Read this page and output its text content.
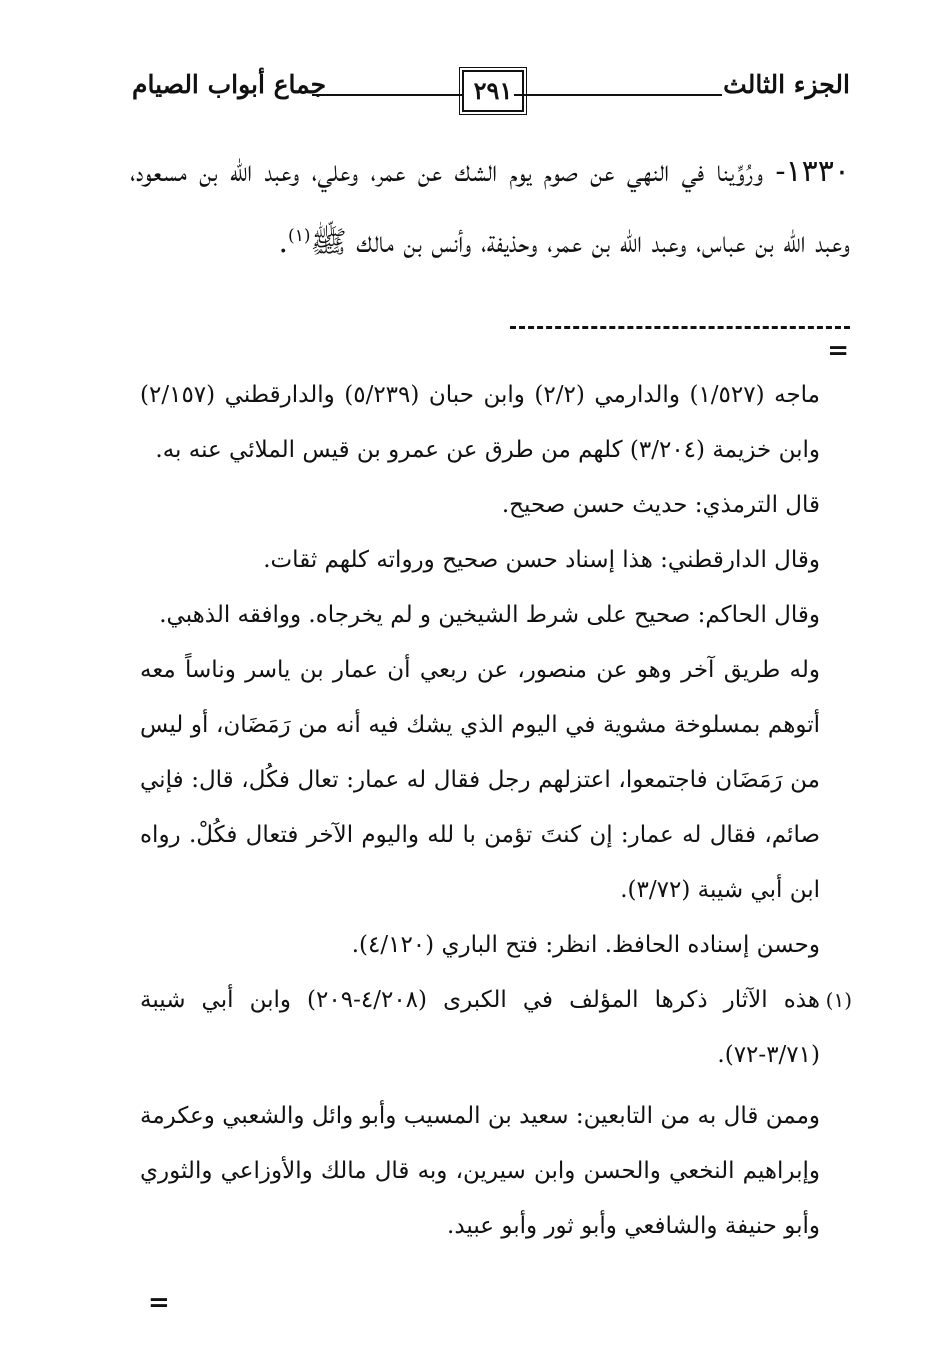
الجزء الثالث
٢٩١
جماع أبواب الصيام

١٣٣٠- ورُوِّينا في النهي عن صوم يوم الشك عن عمر، وعلي، وعبد الله بن مسعود، وعبد الله بن عباس، وعبد الله بن عمر، وحذيفة، وأنس بن مالك ﷺ$^{(١)}$.

=

ماجه (١/٥٢٧) والدارمي (٢/٢) وابن حبان (٥/٢٣٩) والدارقطني (٢/١٥٧) وابن خزيمة (٣/٢٠٤) كلهم من طرق عن عمرو بن قيس الملائي عنه به.

قال الترمذي: حديث حسن صحيح.

وقال الدارقطني: هذا إسناد حسن صحيح ورواته كلهم ثقات.

وقال الحاكم: صحيح على شرط الشيخين و لم يخرجاه. ووافقه الذهبي.

وله طريق آخر وهو عن منصور، عن ربعي أن عمار بن ياسر وناساً معه أتوهم بمسلوخة مشوية في اليوم الذي يشك فيه أنه من رَمَضَان، أو ليس من رَمَضَان فاجتمعوا، اعتزلهم رجل فقال له عمار: تعال فكُل، قال: فإني صائم، فقال له عمار: إن كنتَ تؤمن با لله واليوم الآخر فتعال فكُلْ. رواه ابن أبي شيبة (٣/٧٢).

وحسن إسناده الحافظ. انظر: فتح الباري (٤/١٢٠).

(١)
هذه الآثار ذكرها المؤلف في الكبرى (٤/٢٠٨-٢٠٩) وابن أبي شيبة (٣/٧١-٧٢).

وممن قال به من التابعين: سعيد بن المسيب وأبو وائل والشعبي وعكرمة وإبراهيم النخعي والحسن وابن سيرين، وبه قال مالك والأوزاعي والثوري وأبو حنيفة والشافعي وأبو ثور وأبو عبيد.

=
